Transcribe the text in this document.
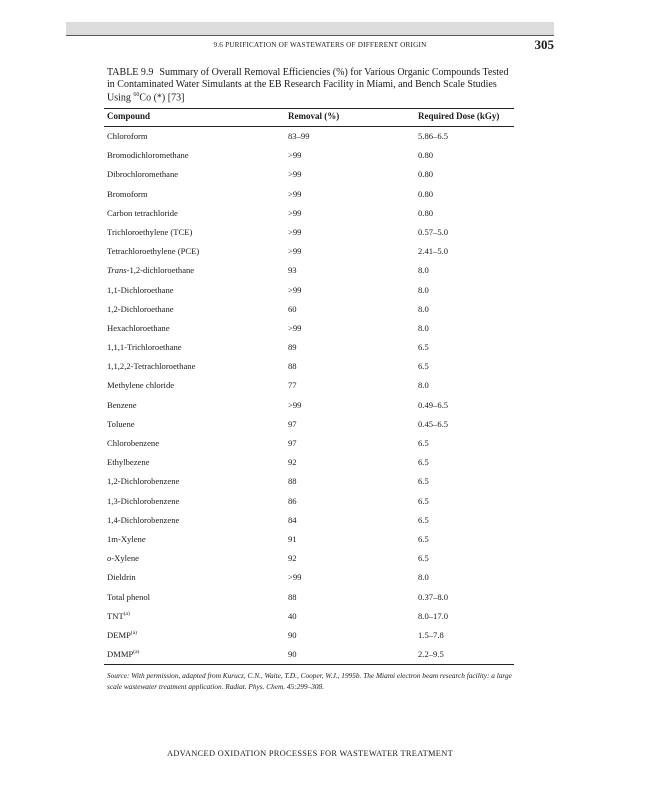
9.6 PURIFICATION OF WASTEWATERS OF DIFFERENT ORIGIN	305
TABLE 9.9 Summary of Overall Removal Efficiencies (%) for Various Organic Compounds Tested in Contaminated Water Simulants at the EB Research Facility in Miami, and Bench Scale Studies Using $^{60}$Co (*) [73]
Compound	Removal (%)	Required Dose (kGy)
Chloroform	83–99	5.86–6.5
Bromodichloromethane	>99	0.80
Dibrochloromethane	>99	0.80
Bromoform	>99	0.80
Carbon tetrachloride	>99	0.80
Trichloroethylene (TCE)	>99	0.57–5.0
Tetrachloroethylene (PCE)	>99	2.41–5.0
Trans-1,2-dichloroethane	93	8.0
1,1-Dichloroethane	>99	8.0
1,2-Dichloroethane	60	8.0
Hexachloroethane	>99	8.0
1,1,1-Trichloroethane	89	6.5
1,1,2,2-Tetrachloroethane	88	6.5
Methylene chloride	77	8.0
Benzene	>99	0.49–6.5
Toluene	97	0.45–6.5
Chlorobenzene	97	6.5
Ethylbezene	92	6.5
1,2-Dichlorobenzene	88	6.5
1,3-Dichlorobenzene	86	6.5
1,4-Dichlorobenzene	84	6.5
1m-Xylene	91	6.5
o-Xylene	92	6.5
Dieldrin	>99	8.0
Total phenol	88	0.37–8.0
TNT$^{(a)}$	40	8.0–17.0
DEMP$^{(a)}$	90	1.5–7.8
DMMP$^{(a)}$	90	2.2–9.5
Source: With permission, adapted from Kurucz, C.N., Waite, T.D., Cooper, W.J., 1995b. The Miami electron beam research facility: a large scale wastewater treatment application. Radiat. Phys. Chem. 45:299–308.
ADVANCED OXIDATION PROCESSES FOR WASTEWATER TREATMENT
